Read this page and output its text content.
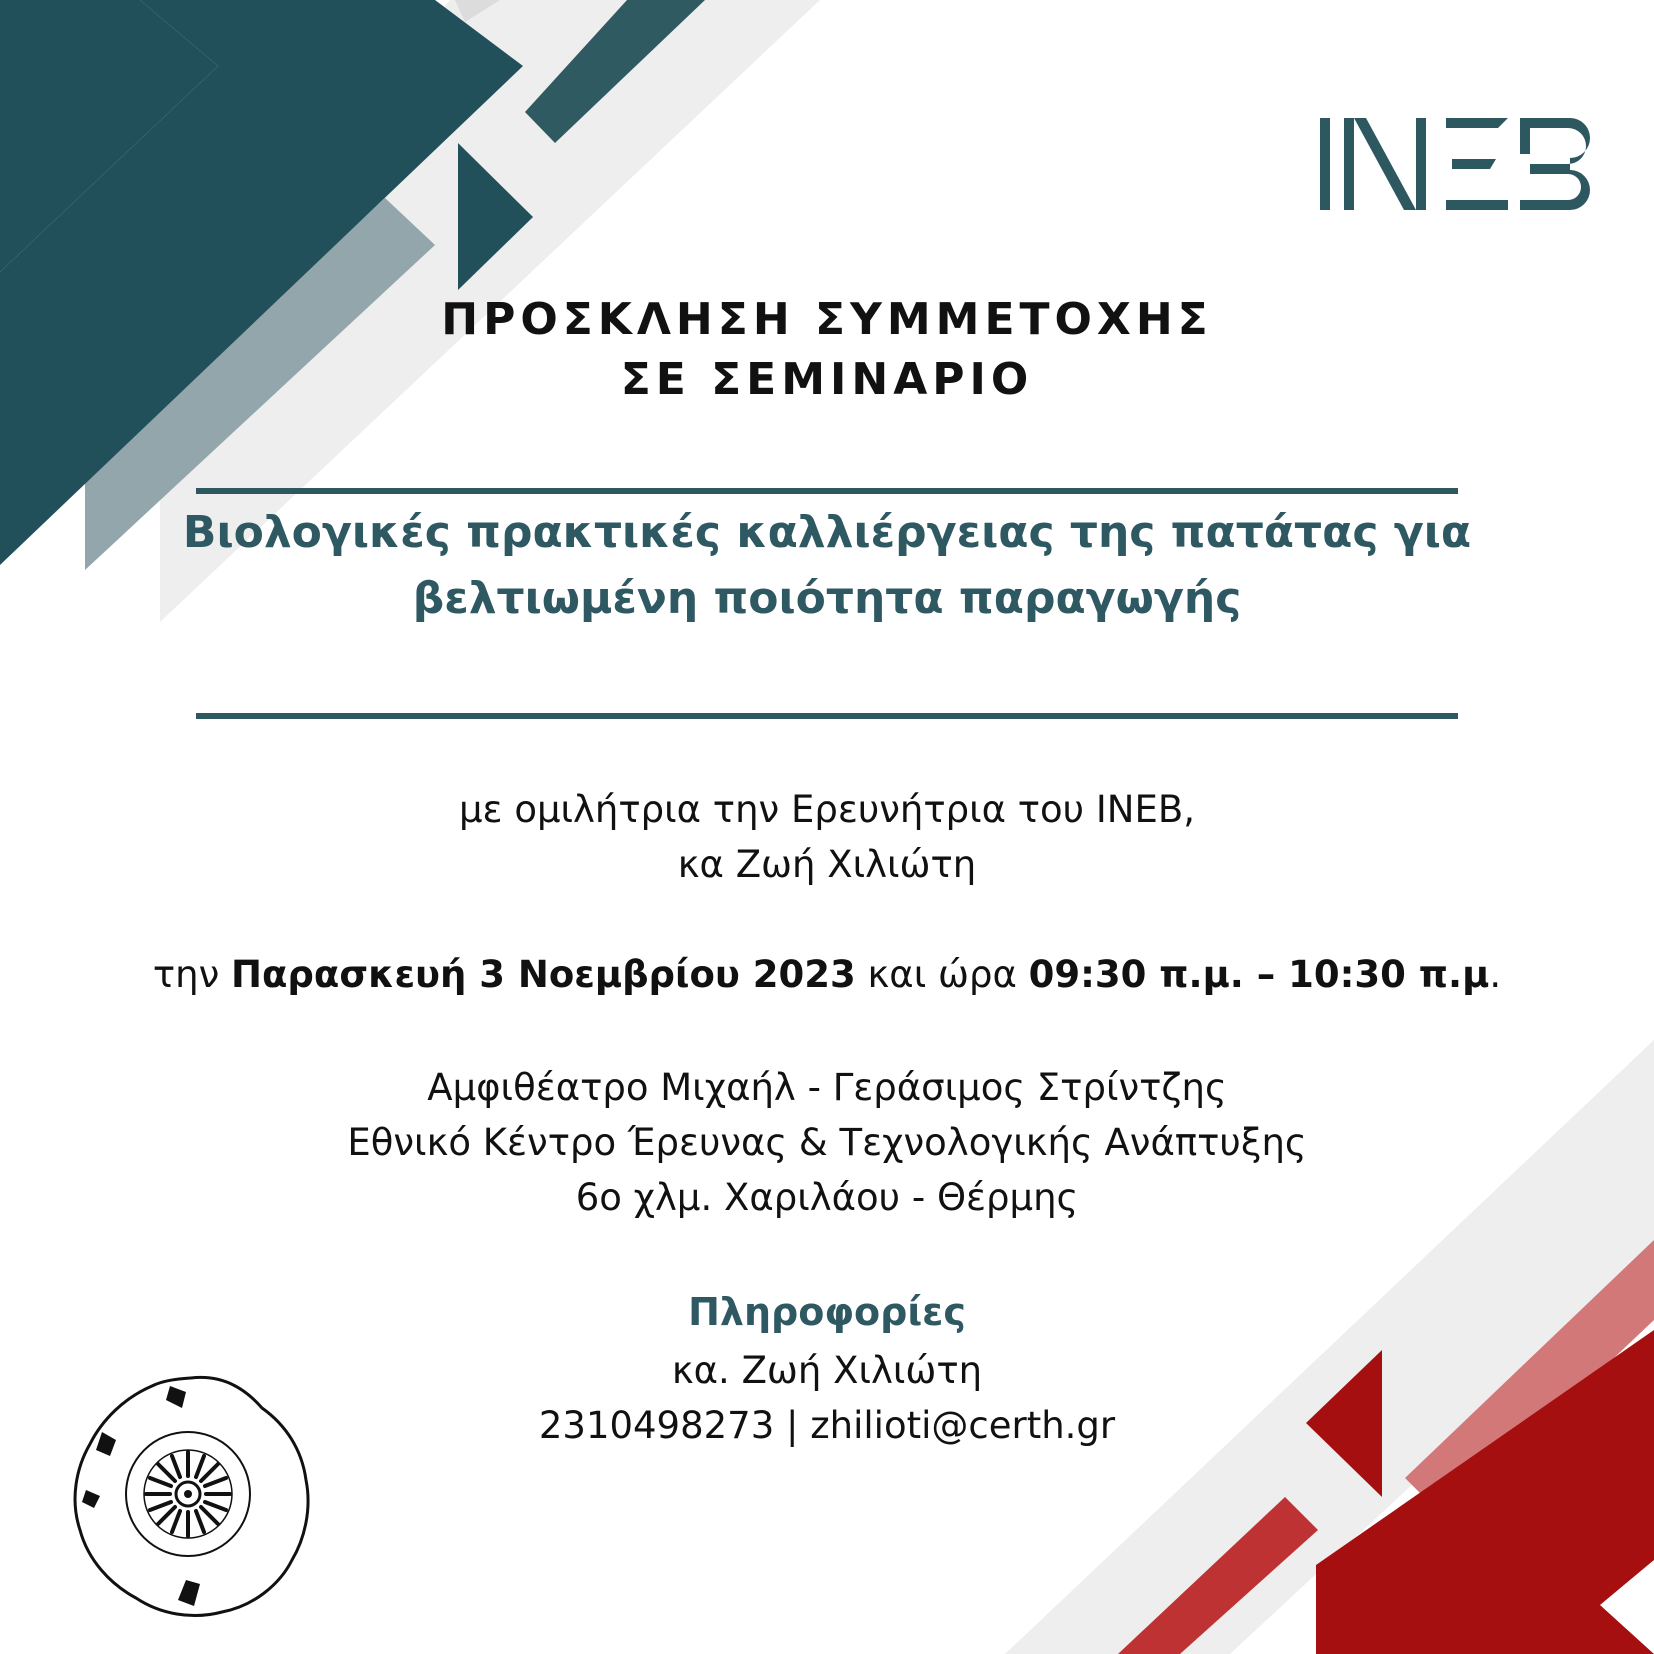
ΠΡΟΣΚΛΗΣΗ ΣΥΜΜΕΤΟΧΗΣ
ΣΕ ΣΕΜΙΝΑΡΙΟ
Βιολογικές πρακτικές καλλιέργειας της πατάτας για
βελτιωμένη ποιότητα παραγωγής
με ομιλήτρια την Ερευνήτρια του ΙΝΕΒ,
κα Ζωή Χιλιώτη
την Παρασκευή 3 Νοεμβρίου 2023 και ώρα 09:30 π.μ. – 10:30 π.μ.
Αμφιθέατρο Μιχαήλ - Γεράσιμος Στρίντζης
Εθνικό Κέντρο Έρευνας & Τεχνολογικής Ανάπτυξης
6ο χλμ. Χαριλάου - Θέρμης
Πληροφορίες
κα. Ζωή Χιλιώτη
2310498273 | zhilioti@certh.gr
